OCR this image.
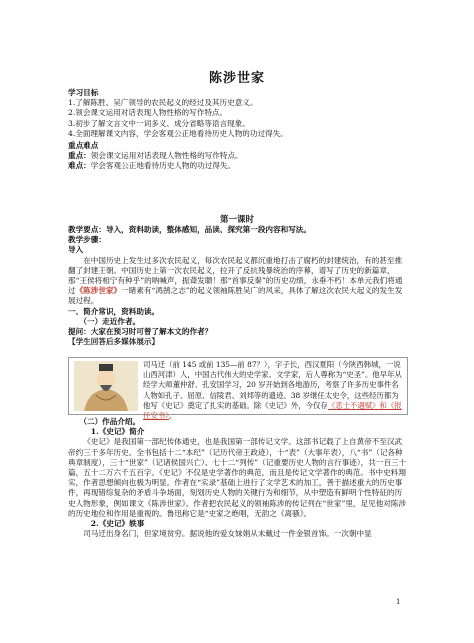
陈涉世家
学习目标
1.了解陈胜、吴广领导的农民起义的经过及其历史意义。
2.领会课文运用对话表现人物性格的写作特点。
3.初步了解文言文中一词多义、成分省略等语言现象。
4.全面理解课文内容，学会客观公正地看待历史人物的功过得失。
重点难点
重点：领会课文运用对话表现人物性格的写作特点。
难点：学会客观公正地看待历史人物的功过得失。
第一课时
教学要点：导入，资料助读，整体感知，品读、探究第一段内容和写法。
教学步骤：
导入
在中国历史上发生过多次农民起义，每次农民起义都沉重地打击了腐朽的封建统治，有的甚至推翻了封建王朝。中国历史上第一次农民起义，拉开了反抗残暴统治的序幕，谱写了历史的新篇章，那“王侯将相宁有种乎”的呐喊声，振聋发聩！那“首事反秦”的历史功绩，永垂不朽！本单元我们将通过《陈涉世家》一睹素有“鸿鹄之志”的起义领袖陈胜吴广的风采，具体了解这次农民大起义的发生发展过程。
一、简介常识，资料助读。
（一）走近作者。
提问：大家在预习时可曾了解本文的作者？
【学生回答后多媒体展示】
司马迁（前 145 或前 135—前 87？），字子长，西汉夏阳（今陕西韩城，一说山西河津）人，中国古代伟大的史学家、文学家，后人尊称为“史圣”。他早年从经学大师董仲舒、孔安国学习，20 岁开始到各地游历，考察了许多历史事件名人物如孔子、屈原、信陵君、刘邦等的遗迹。38 岁继任太史令，这些经历都为他写《史记》奠定了扎实的基础。除《史记》外，今仅存《悲士不遇赋》和《报任安书》。
（二）作品介绍。
1.《史记》简介
《史记》是我国第一部纪传体通史，也是我国第一部传记文学。这部书记载了上自黄帝不至汉武帝约三千多年历史。全书包括十二“本纪”（记历代帝王政迹），十“表”（大事年表），八“书”（记各种典章制度），三十“世家”（记诸侯国兴亡）、七十二“列传”（记重要历史人物的言行事迹），共一百三十篇，五十二万六千五百字。《史记》不仅是史学著作的典范，而且是传记文学著作的典范。书中史料翔实，作者思想倾向也极为明显。作者在“实录”基础上进行了文学艺术的加工，善于描述重大的历史事件，再现错综复杂的矛盾斗争场面，刻划历史人物的关键行为和细节，从中塑造有鲜明个性特征的历史人物形象，例如课文《陈涉世家》。作者把农民起义的领袖陈涉的传记列在“世家”里，足见他对陈涉的历史地位和作用是重视的。鲁迅称它是“史家之绝唱，无韵之《离骚》。
2.《史记》轶事
司马迁出身名门，但家境贫穷。据说他的爱女妹娟从未戴过一件金银首饰。一次朝中显
1
